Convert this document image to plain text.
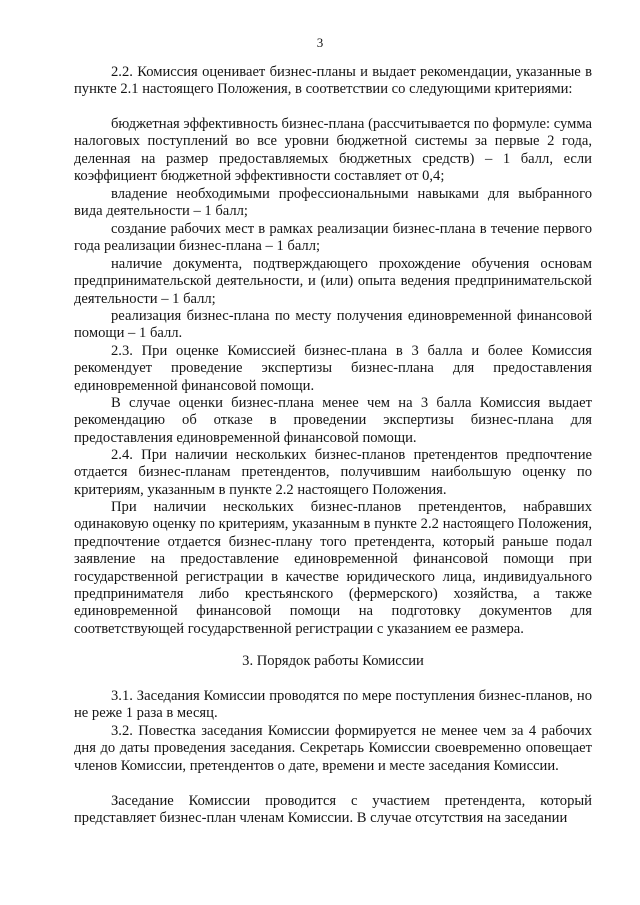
3

2.2. Комиссия оценивает бизнес-планы и выдает рекомендации, указанные в пункте 2.1 настоящего Положения, в соответствии со следующими критериями:

бюджетная эффективность бизнес-плана (рассчитывается по формуле: сумма налоговых поступлений во все уровни бюджетной системы за первые 2 года, деленная на размер предоставляемых бюджетных средств) – 1 балл, если коэффициент бюджетной эффективности составляет от 0,4;

владение необходимыми профессиональными навыками для выбранного вида деятельности – 1 балл;

создание рабочих мест в рамках реализации бизнес-плана в течение первого года реализации бизнес-плана – 1 балл;

наличие документа, подтверждающего прохождение обучения основам предпринимательской деятельности, и (или) опыта ведения предпринимательской деятельности – 1 балл;

реализация бизнес-плана по месту получения единовременной финансовой помощи – 1 балл.

2.3. При оценке Комиссией бизнес-плана в 3 балла и более Комиссия рекомендует проведение экспертизы бизнес-плана для предоставления единовременной финансовой помощи.

В случае оценки бизнес-плана менее чем на 3 балла Комиссия выдает рекомендацию об отказе в проведении экспертизы бизнес-плана для предоставления единовременной финансовой помощи.

2.4. При наличии нескольких бизнес-планов претендентов предпочтение отдается бизнес-планам претендентов, получившим наибольшую оценку по критериям, указанным в пункте 2.2 настоящего Положения.

При наличии нескольких бизнес-планов претендентов, набравших одинаковую оценку по критериям, указанным в пункте 2.2 настоящего Положения, предпочтение отдается бизнес-плану того претендента, который раньше подал заявление на предоставление единовременной финансовой помощи при государственной регистрации в качестве юридического лица, индивидуального предпринимателя либо крестьянского (фермерского) хозяйства, а также единовременной финансовой помощи на подготовку документов для соответствующей государственной регистрации с указанием ее размера.

3. Порядок работы Комиссии

3.1. Заседания Комиссии проводятся по мере поступления бизнес-планов, но не реже 1 раза в месяц.

3.2. Повестка заседания Комиссии формируется не менее чем за 4 рабочих дня до даты проведения заседания. Секретарь Комиссии своевременно оповещает членов Комиссии, претендентов о дате, времени и месте заседания Комиссии.

Заседание Комиссии проводится с участием претендента, который представляет бизнес-план членам Комиссии. В случае отсутствия на заседании
